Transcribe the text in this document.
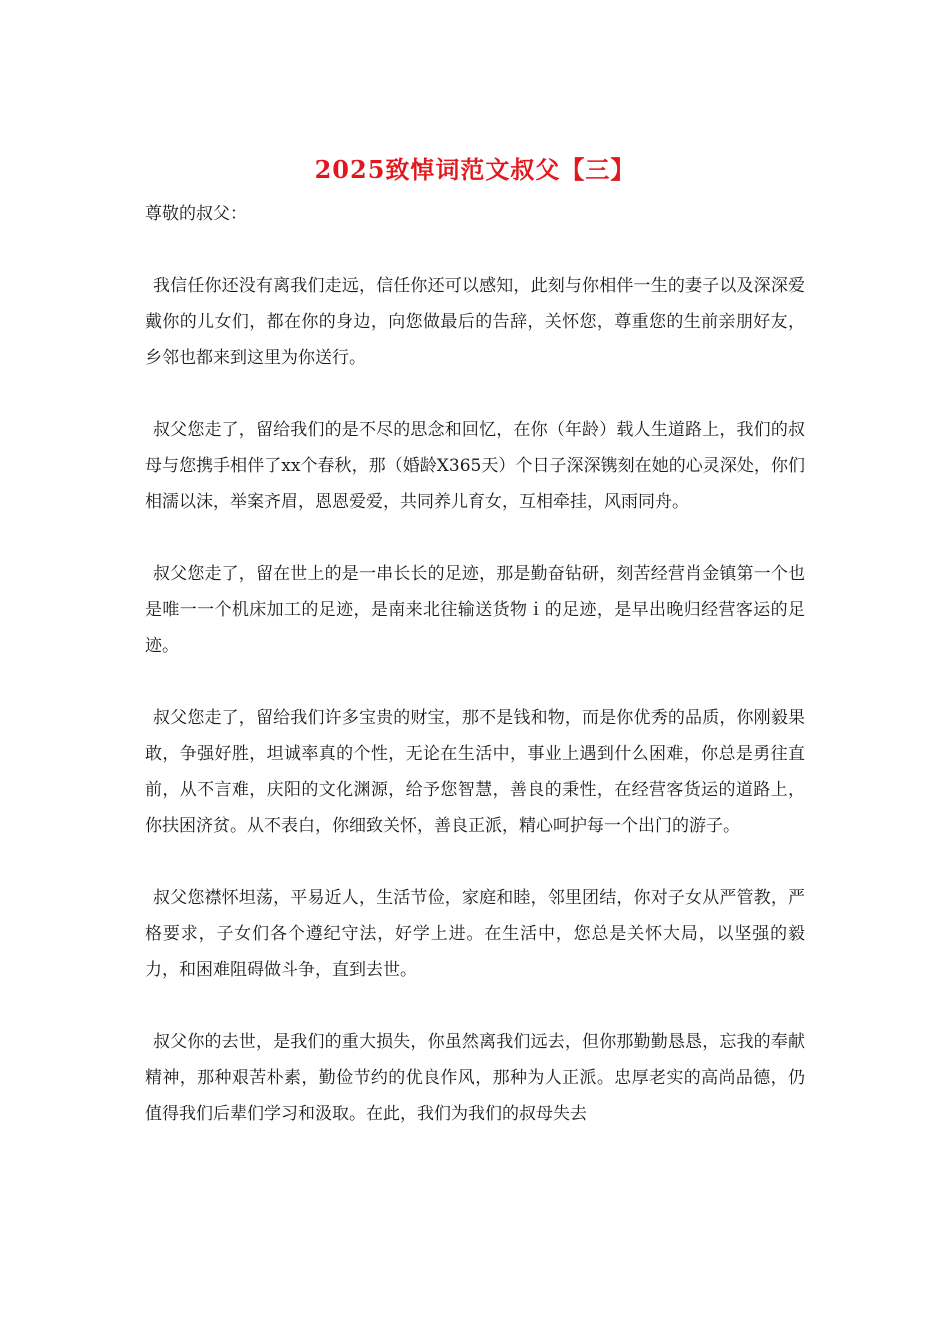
2025致悼词范文叔父【三】
尊敬的叔父：
我信任你还没有离我们走远，信任你还可以感知，此刻与你相伴一生的妻子以及深深爱戴你的儿女们，都在你的身边，向您做最后的告辞，关怀您，尊重您的生前亲朋好友，乡邻也都来到这里为你送行。
叔父您走了，留给我们的是不尽的思念和回忆，在你（年龄）载人生道路上，我们的叔母与您携手相伴了xx个春秋，那（婚龄X365天）个日子深深镌刻在她的心灵深处，你们相濡以沫，举案齐眉，恩恩爱爱，共同养儿育女，互相牵挂，风雨同舟。
叔父您走了，留在世上的是一串长长的足迹，那是勤奋钻研，刻苦经营肖金镇第一个也是唯一一个机床加工的足迹，是南来北往输送货物ｉ的足迹，是早出晚归经营客运的足迹。
叔父您走了，留给我们许多宝贵的财宝，那不是钱和物，而是你优秀的品质，你刚毅果敢，争强好胜，坦诚率真的个性，无论在生活中，事业上遇到什么困难，你总是勇往直前，从不言难，庆阳的文化渊源，给予您智慧，善良的秉性，在经营客货运的道路上，你扶困济贫。从不表白，你细致关怀，善良正派，精心呵护每一个出门的游子。
叔父您襟怀坦荡，平易近人，生活节俭，家庭和睦，邻里团结，你对子女从严管教，严格要求，子女们各个遵纪守法，好学上进。在生活中，您总是关怀大局，以坚强的毅力，和困难阻碍做斗争，直到去世。
叔父你的去世，是我们的重大损失，你虽然离我们远去，但你那勤勤恳恳，忘我的奉献精神，那种艰苦朴素，勤俭节约的优良作风，那种为人正派。忠厚老实的高尚品德，仍值得我们后辈们学习和汲取。在此，我们为我们的叔母失去
